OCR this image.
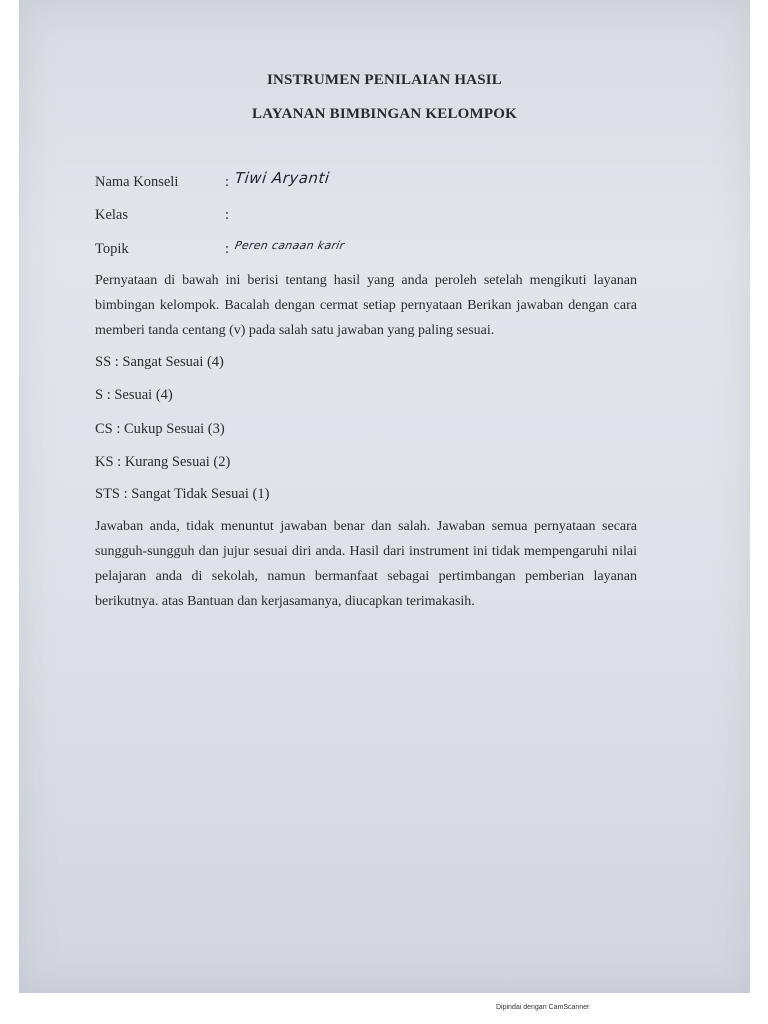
INSTRUMEN PENILAIAN HASIL
LAYANAN BIMBINGAN KELOMPOK
Nama Konseli	: Tiwi Aryanti
Kelas	:
Topik	: Peren canaan karir

Pernyataan di bawah ini berisi tentang hasil yang anda peroleh setelah mengikuti layanan bimbingan kelompok. Bacalah dengan cermat setiap pernyataan Berikan jawaban dengan cara memberi tanda centang (v) pada salah satu jawaban yang paling sesuai.

SS : Sangat Sesuai (4)
S : Sesuai (4)
CS : Cukup Sesuai (3)
KS : Kurang Sesuai (2)
STS : Sangat Tidak Sesuai (1)

Jawaban anda, tidak menuntut jawaban benar dan salah. Jawaban semua pernyataan secara sungguh-sungguh dan jujur sesuai diri anda. Hasil dari instrument ini tidak mempengaruhi nilai pelajaran anda di sekolah, namun bermanfaat sebagai pertimbangan pemberian layanan berikutnya. atas Bantuan dan kerjasamanya, diucapkan terimakasih.

Dipindai dengan CamScanner
